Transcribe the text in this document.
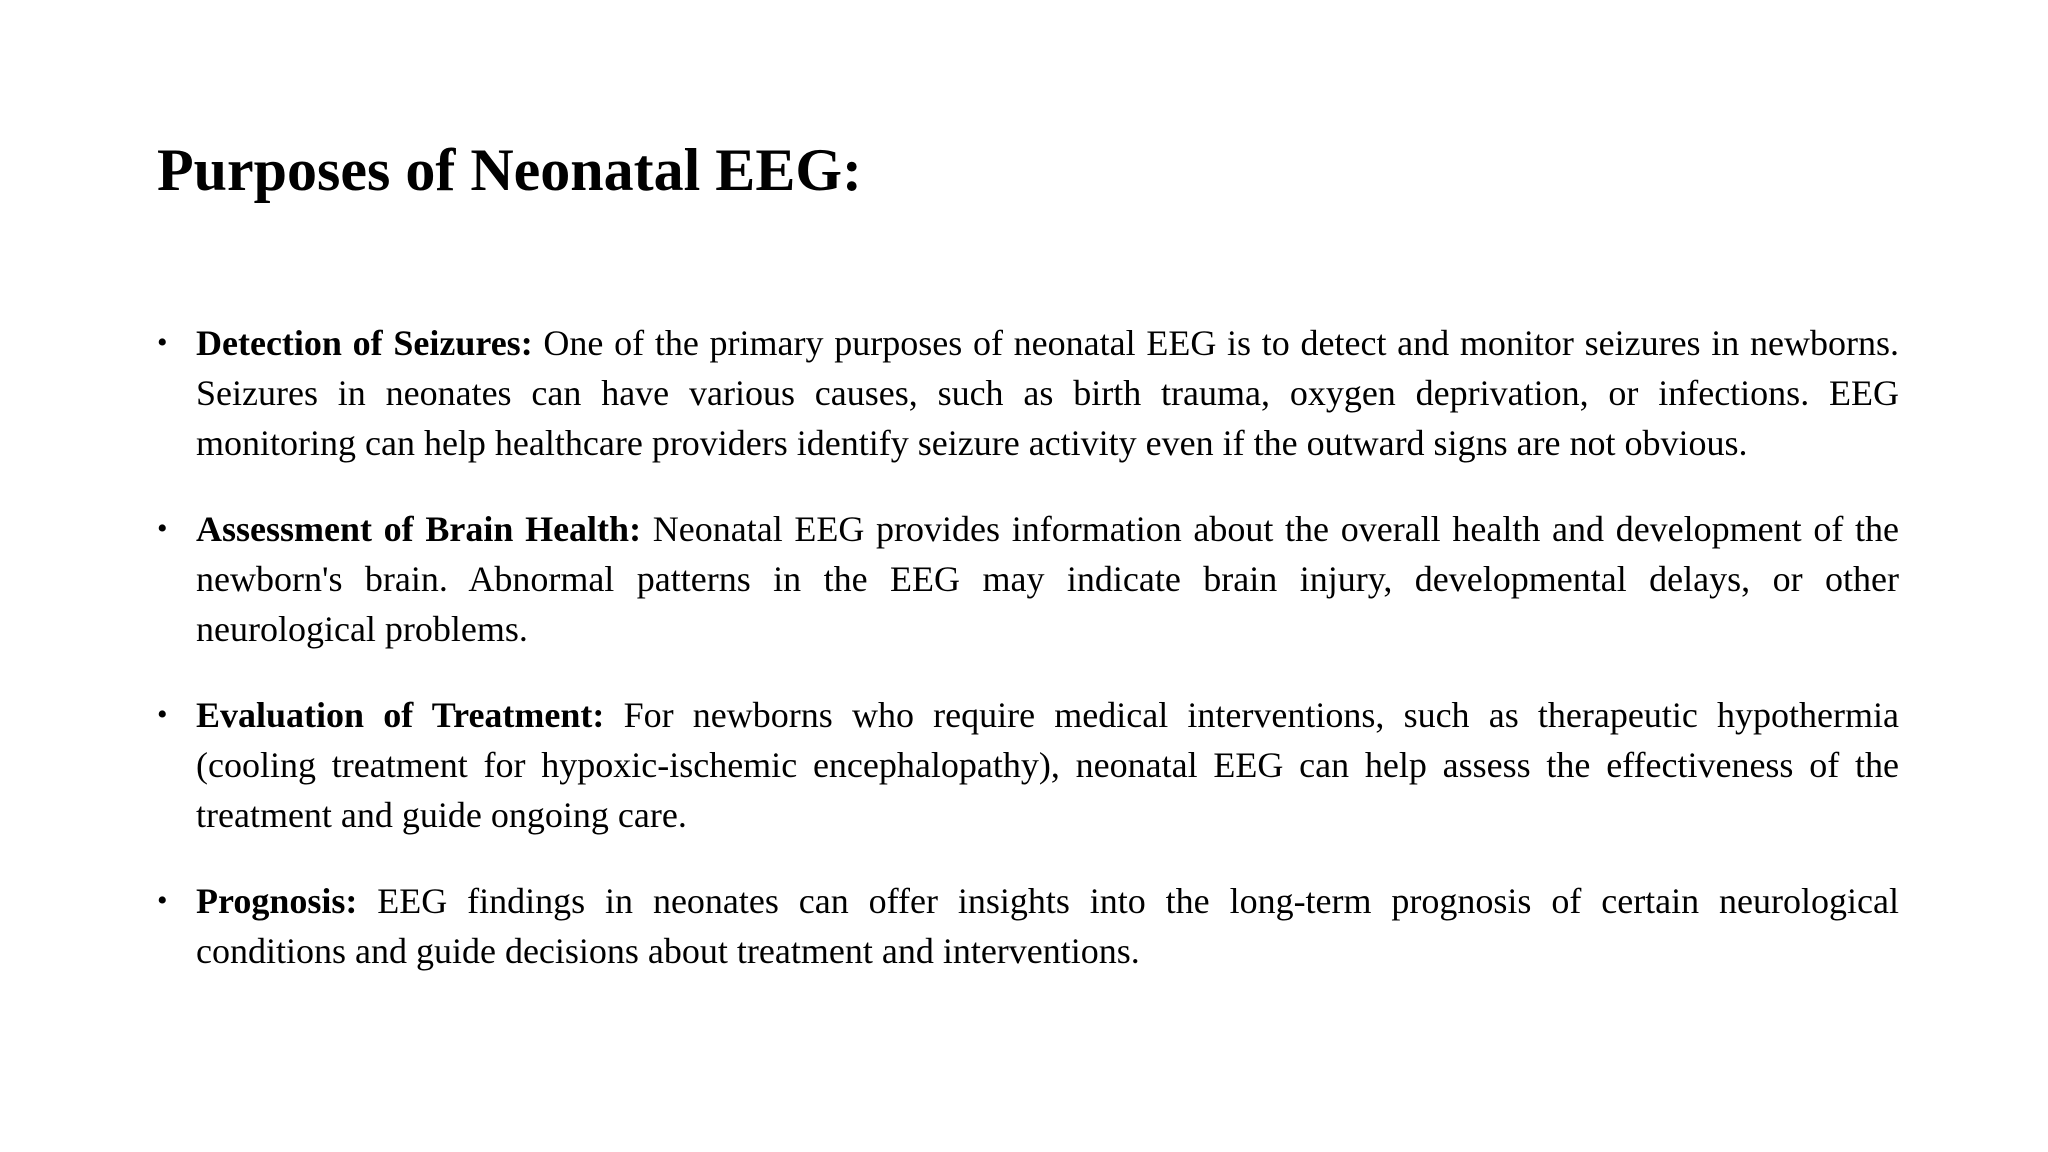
Purposes of Neonatal EEG:
• Detection of Seizures: One of the primary purposes of neonatal EEG is to detect and monitor seizures in newborns. Seizures in neonates can have various causes, such as birth trauma, oxygen deprivation, or infections. EEG monitoring can help healthcare providers identify seizure activity even if the outward signs are not obvious.
• Assessment of Brain Health: Neonatal EEG provides information about the overall health and development of the newborn's brain. Abnormal patterns in the EEG may indicate brain injury, developmental delays, or other neurological problems.
• Evaluation of Treatment: For newborns who require medical interventions, such as therapeutic hypothermia (cooling treatment for hypoxic-ischemic encephalopathy), neonatal EEG can help assess the effectiveness of the treatment and guide ongoing care.
• Prognosis: EEG findings in neonates can offer insights into the long-term prognosis of certain neurological conditions and guide decisions about treatment and interventions.
